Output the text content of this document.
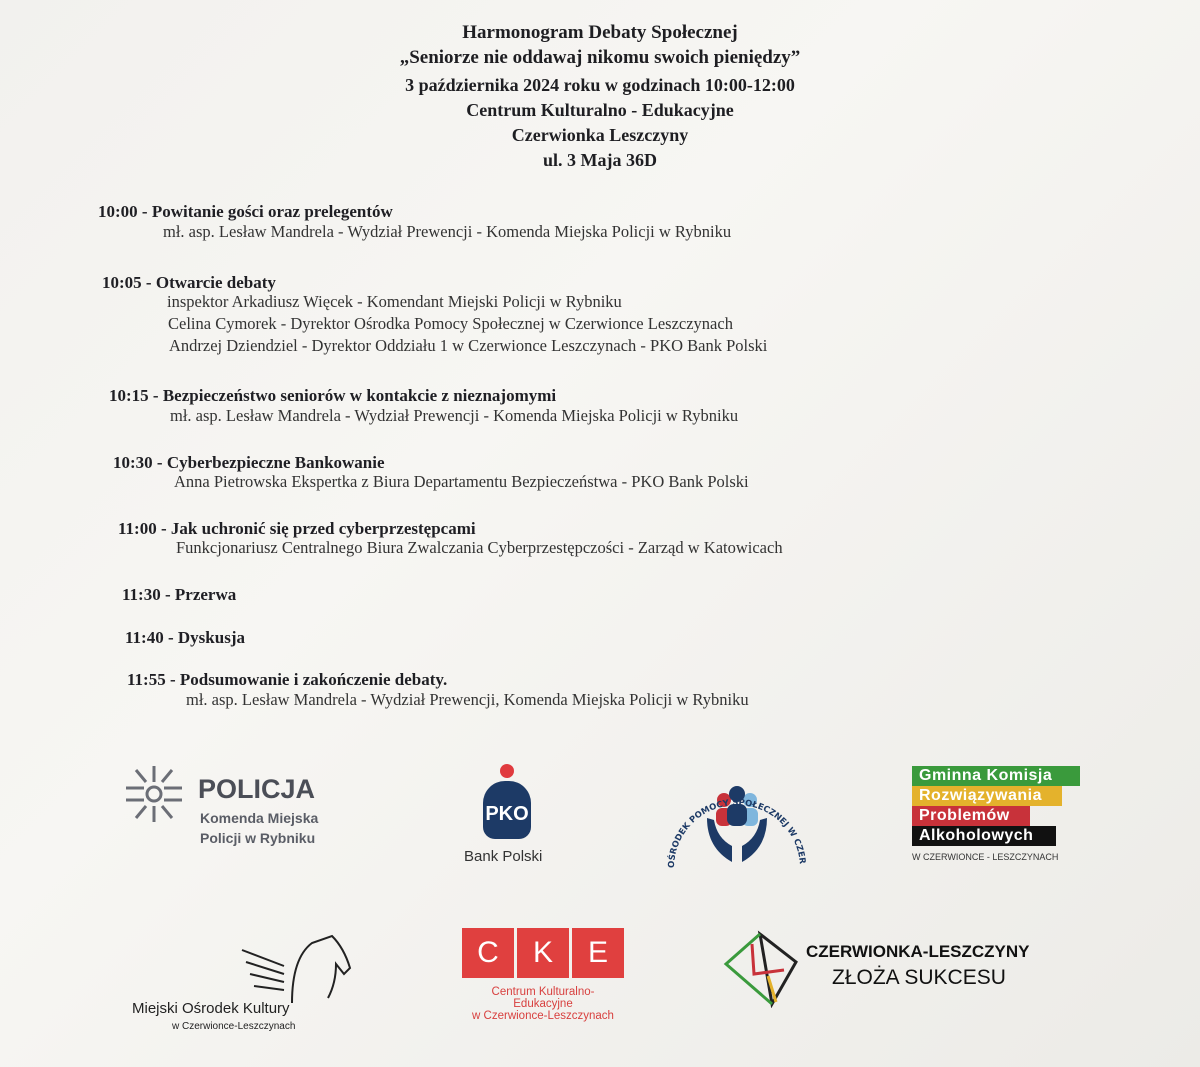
Harmonogram Debaty Społecznej
„Seniorze nie oddawaj nikomu swoich pieniędzy”
3 października 2024 roku w godzinach 10:00-12:00
Centrum Kulturalno - Edukacyjne
Czerwionka Leszczyny
ul. 3 Maja 36D
10:00 - Powitanie gości oraz prelegentów
mł. asp. Lesław Mandrela - Wydział Prewencji - Komenda Miejska Policji w Rybniku
10:05 - Otwarcie debaty
inspektor Arkadiusz Więcek - Komendant Miejski Policji w Rybniku
Celina Cymorek - Dyrektor Ośrodka Pomocy Społecznej w Czerwionce Leszczynach
Andrzej Dziendziel - Dyrektor Oddziału 1 w Czerwionce Leszczynach - PKO Bank Polski
10:15 - Bezpieczeństwo seniorów w kontakcie z nieznajomymi
mł. asp. Lesław Mandrela - Wydział Prewencji - Komenda Miejska Policji w Rybniku
10:30 - Cyberbezpieczne Bankowanie
Anna Pietrowska Ekspertka z Biura Departamentu Bezpieczeństwa - PKO Bank Polski
11:00 - Jak uchronić się przed cyberprzestępcami
Funkcjonariusz Centralnego Biura Zwalczania Cyberprzestępczości - Zarząd w Katowicach
11:30 - Przerwa
11:40 - Dyskusja
11:55 - Podsumowanie i zakończenie debaty.
mł. asp. Lesław Mandrela - Wydział Prewencji, Komenda Miejska Policji w Rybniku
POLICJA
Komenda Miejska
Policji w Rybniku
PKO
Bank Polski	OŚRODEK POMOCY SPOŁECZNEJ W CZER
Gminna Komisja
Rozwiązywania
Problemów
Alkoholowych
W CZERWIONCE - LESZCZYNACH
Miejski Ośrodek Kultury
w Czerwionce-Leszczynach
C	K	E
Centrum Kulturalno-Edukacyjne
w Czerwionce-Leszczynach
CZERWIONKA-LESZCZYNY
ZŁOŻA SUKCESU
